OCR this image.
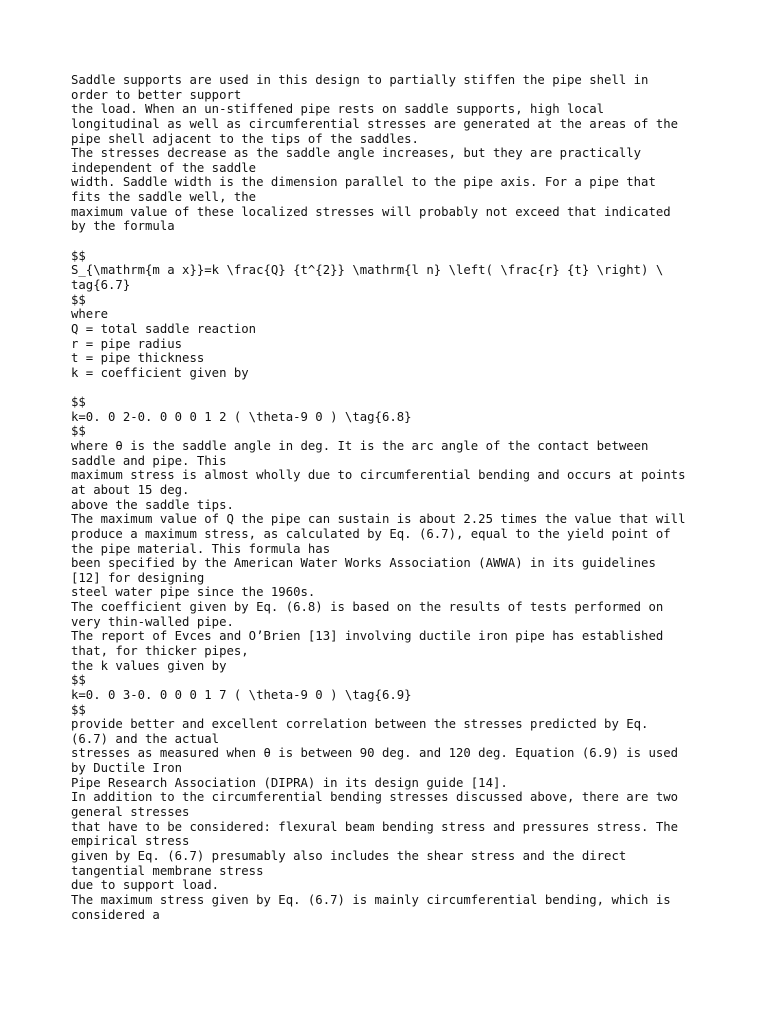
Saddle supports are used in this design to partially stiffen the pipe shell in
order to better support
the load. When an un-stiffened pipe rests on saddle supports, high local
longitudinal as well as circumferential stresses are generated at the areas of the
pipe shell adjacent to the tips of the saddles.
The stresses decrease as the saddle angle increases, but they are practically
independent of the saddle
width. Saddle width is the dimension parallel to the pipe axis. For a pipe that
fits the saddle well, the
maximum value of these localized stresses will probably not exceed that indicated
by the formula
$$
S_{\mathrm{m a x}}=k \frac{Q} {t^{2}} \mathrm{l n} \left( \frac{r} {t} \right) \
tag{6.7}
$$
where
Q = total saddle reaction
r = pipe radius
t = pipe thickness
k = coefficient given by
$$
k=0. 0 2-0. 0 0 0 1 2 ( \theta-9 0 ) \tag{6.8}
$$
where θ is the saddle angle in deg. It is the arc angle of the contact between
saddle and pipe. This
maximum stress is almost wholly due to circumferential bending and occurs at points
at about 15 deg.
above the saddle tips.
The maximum value of Q the pipe can sustain is about 2.25 times the value that will
produce a maximum stress, as calculated by Eq. (6.7), equal to the yield point of
the pipe material. This formula has
been specified by the American Water Works Association (AWWA) in its guidelines
[12] for designing
steel water pipe since the 1960s.
The coefficient given by Eq. (6.8) is based on the results of tests performed on
very thin-walled pipe.
The report of Evces and O’Brien [13] involving ductile iron pipe has established
that, for thicker pipes,
the k values given by
$$
k=0. 0 3-0. 0 0 0 1 7 ( \theta-9 0 ) \tag{6.9}
$$
provide better and excellent correlation between the stresses predicted by Eq.
(6.7) and the actual
stresses as measured when θ is between 90 deg. and 120 deg. Equation (6.9) is used
by Ductile Iron
Pipe Research Association (DIPRA) in its design guide [14].
In addition to the circumferential bending stresses discussed above, there are two
general stresses
that have to be considered: flexural beam bending stress and pressures stress. The
empirical stress
given by Eq. (6.7) presumably also includes the shear stress and the direct
tangential membrane stress
due to support load.
The maximum stress given by Eq. (6.7) is mainly circumferential bending, which is
considered a
